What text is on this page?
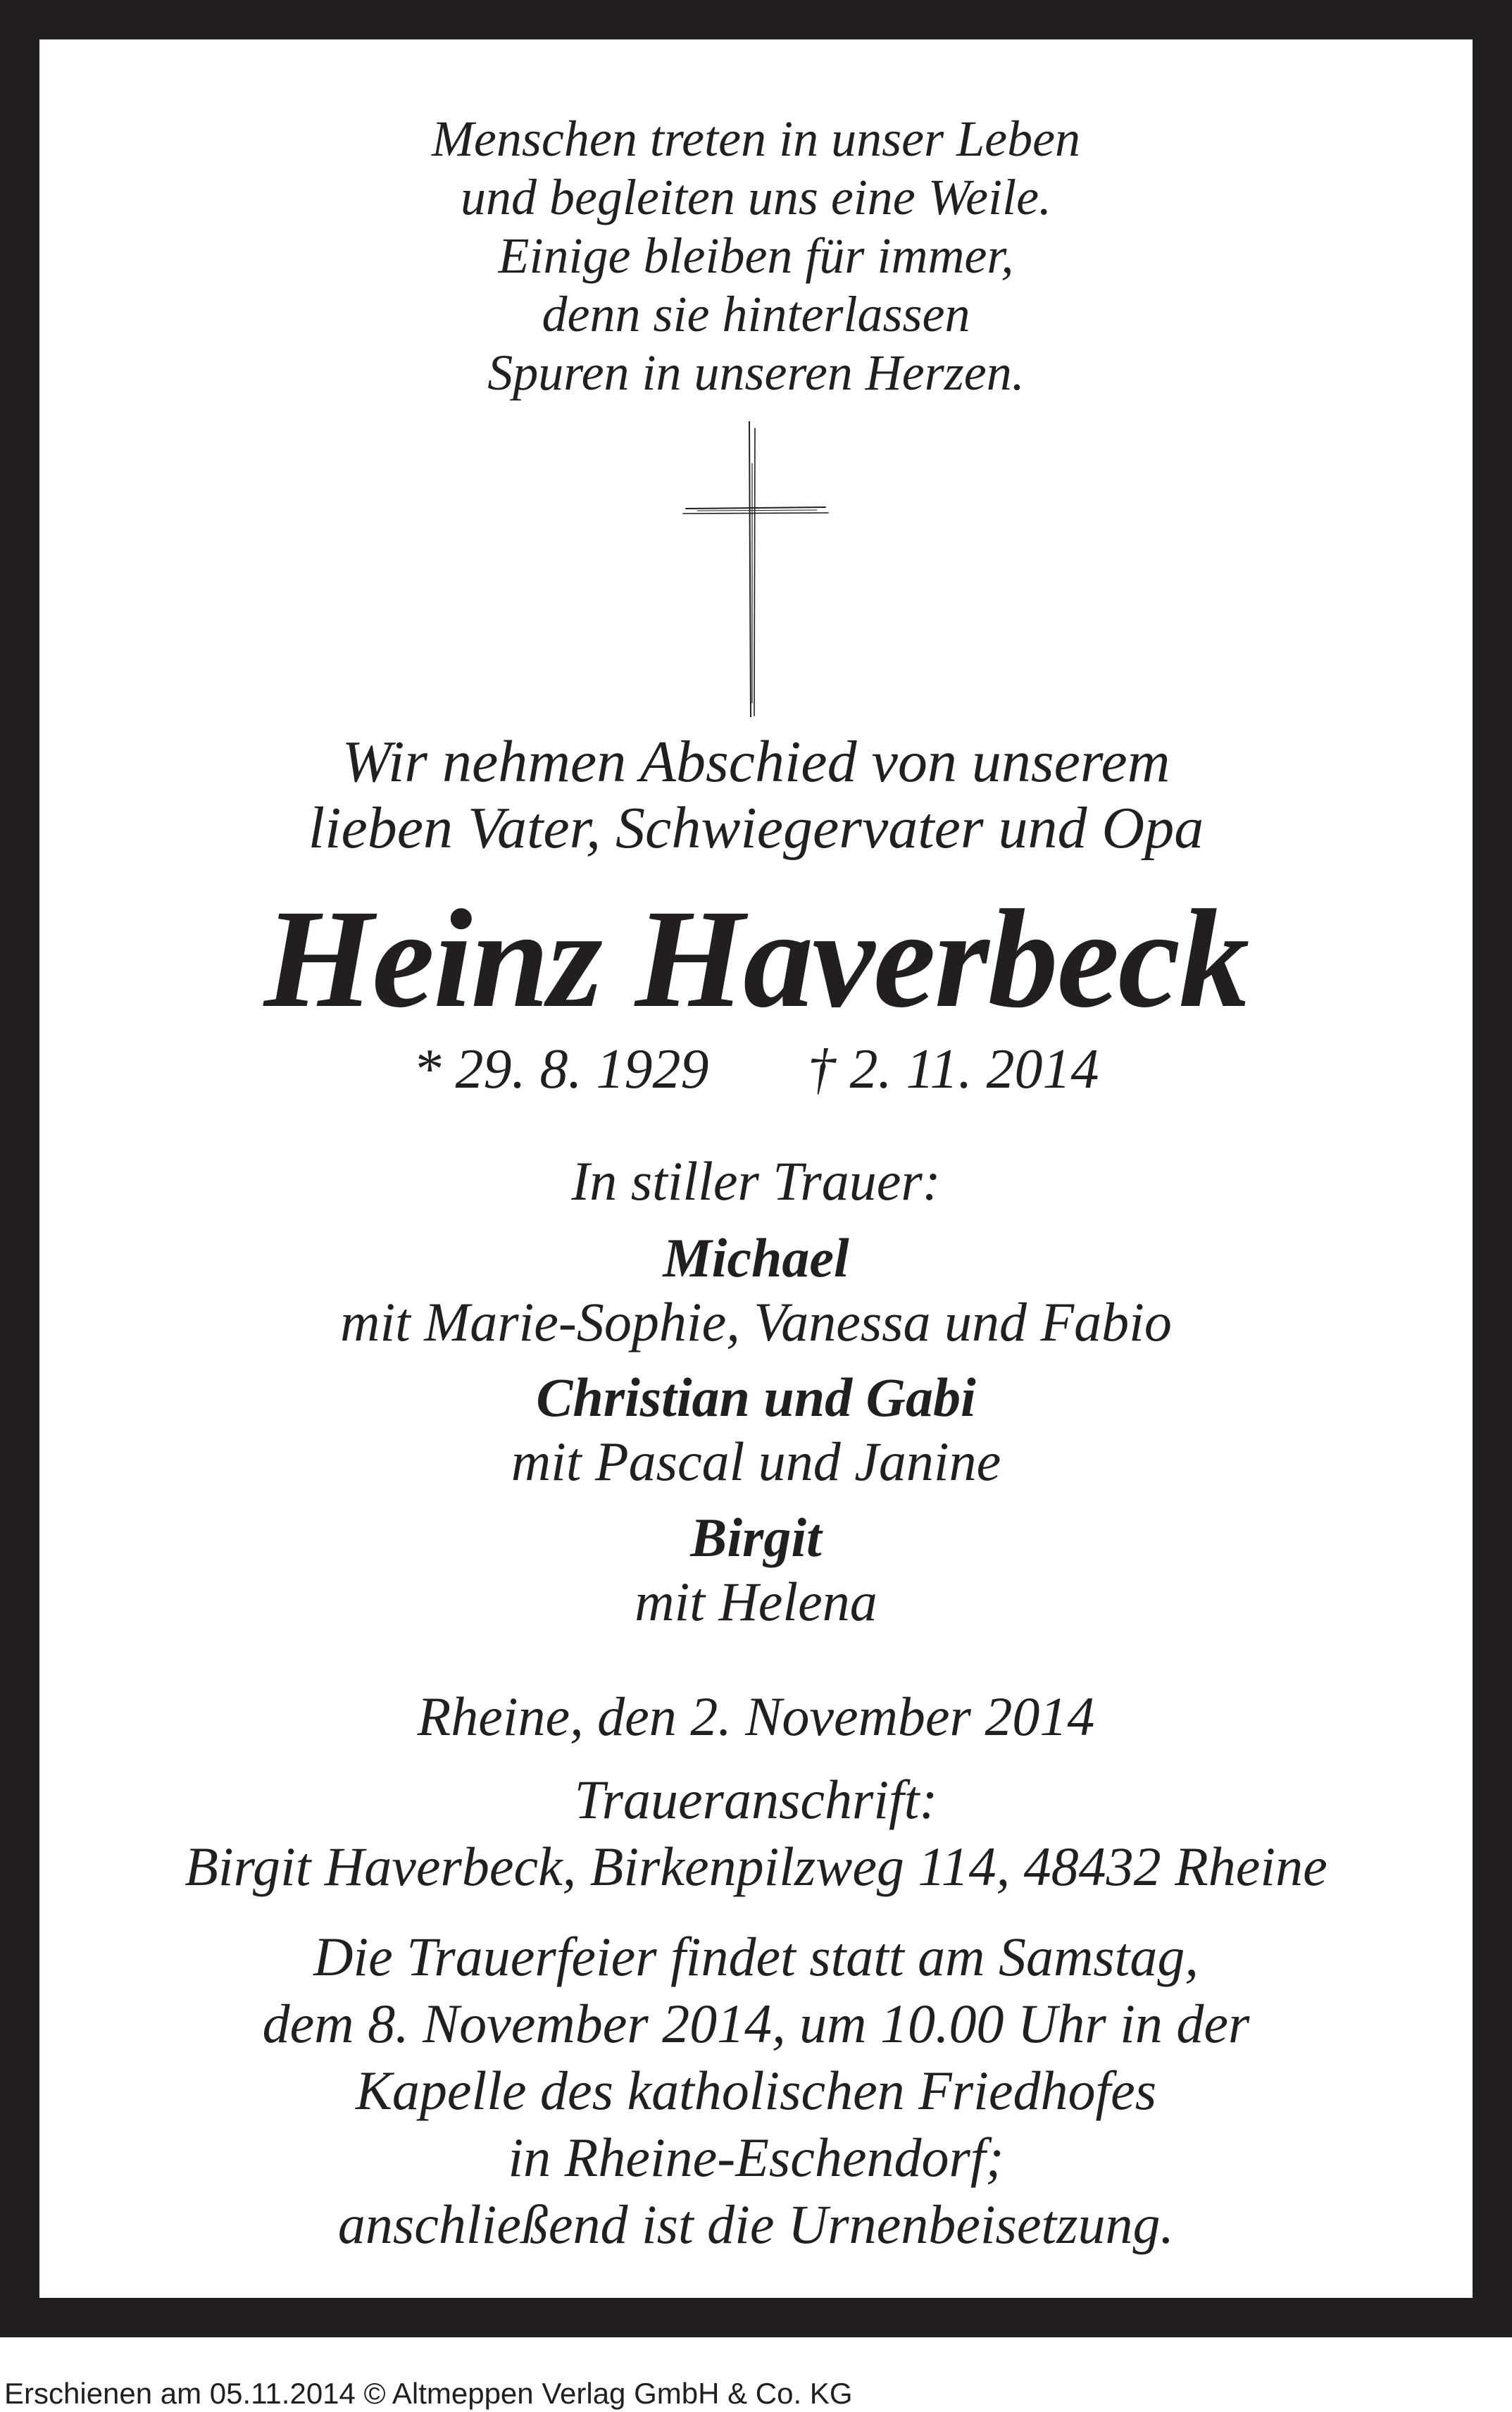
Menschen treten in unser Leben
und begleiten uns eine Weile.
Einige bleiben für immer,
denn sie hinterlassen
Spuren in unseren Herzen.
Wir nehmen Abschied von unserem
lieben Vater, Schwiegervater und Opa
Heinz Haverbeck
* 29. 8. 1929 † 2. 11. 2014
In stiller Trauer:
Michael
mit Marie-Sophie, Vanessa und Fabio
Christian und Gabi
mit Pascal und Janine
Birgit
mit Helena
Rheine, den 2. November 2014
Traueranschrift:
Birgit Haverbeck, Birkenpilzweg 114, 48432 Rheine
Die Trauerfeier findet statt am Samstag,
dem 8. November 2014, um 10.00 Uhr in der
Kapelle des katholischen Friedhofes
in Rheine-Eschendorf;
anschließend ist die Urnenbeisetzung.
Erschienen am 05.11.2014 © Altmeppen Verlag GmbH & Co. KG
